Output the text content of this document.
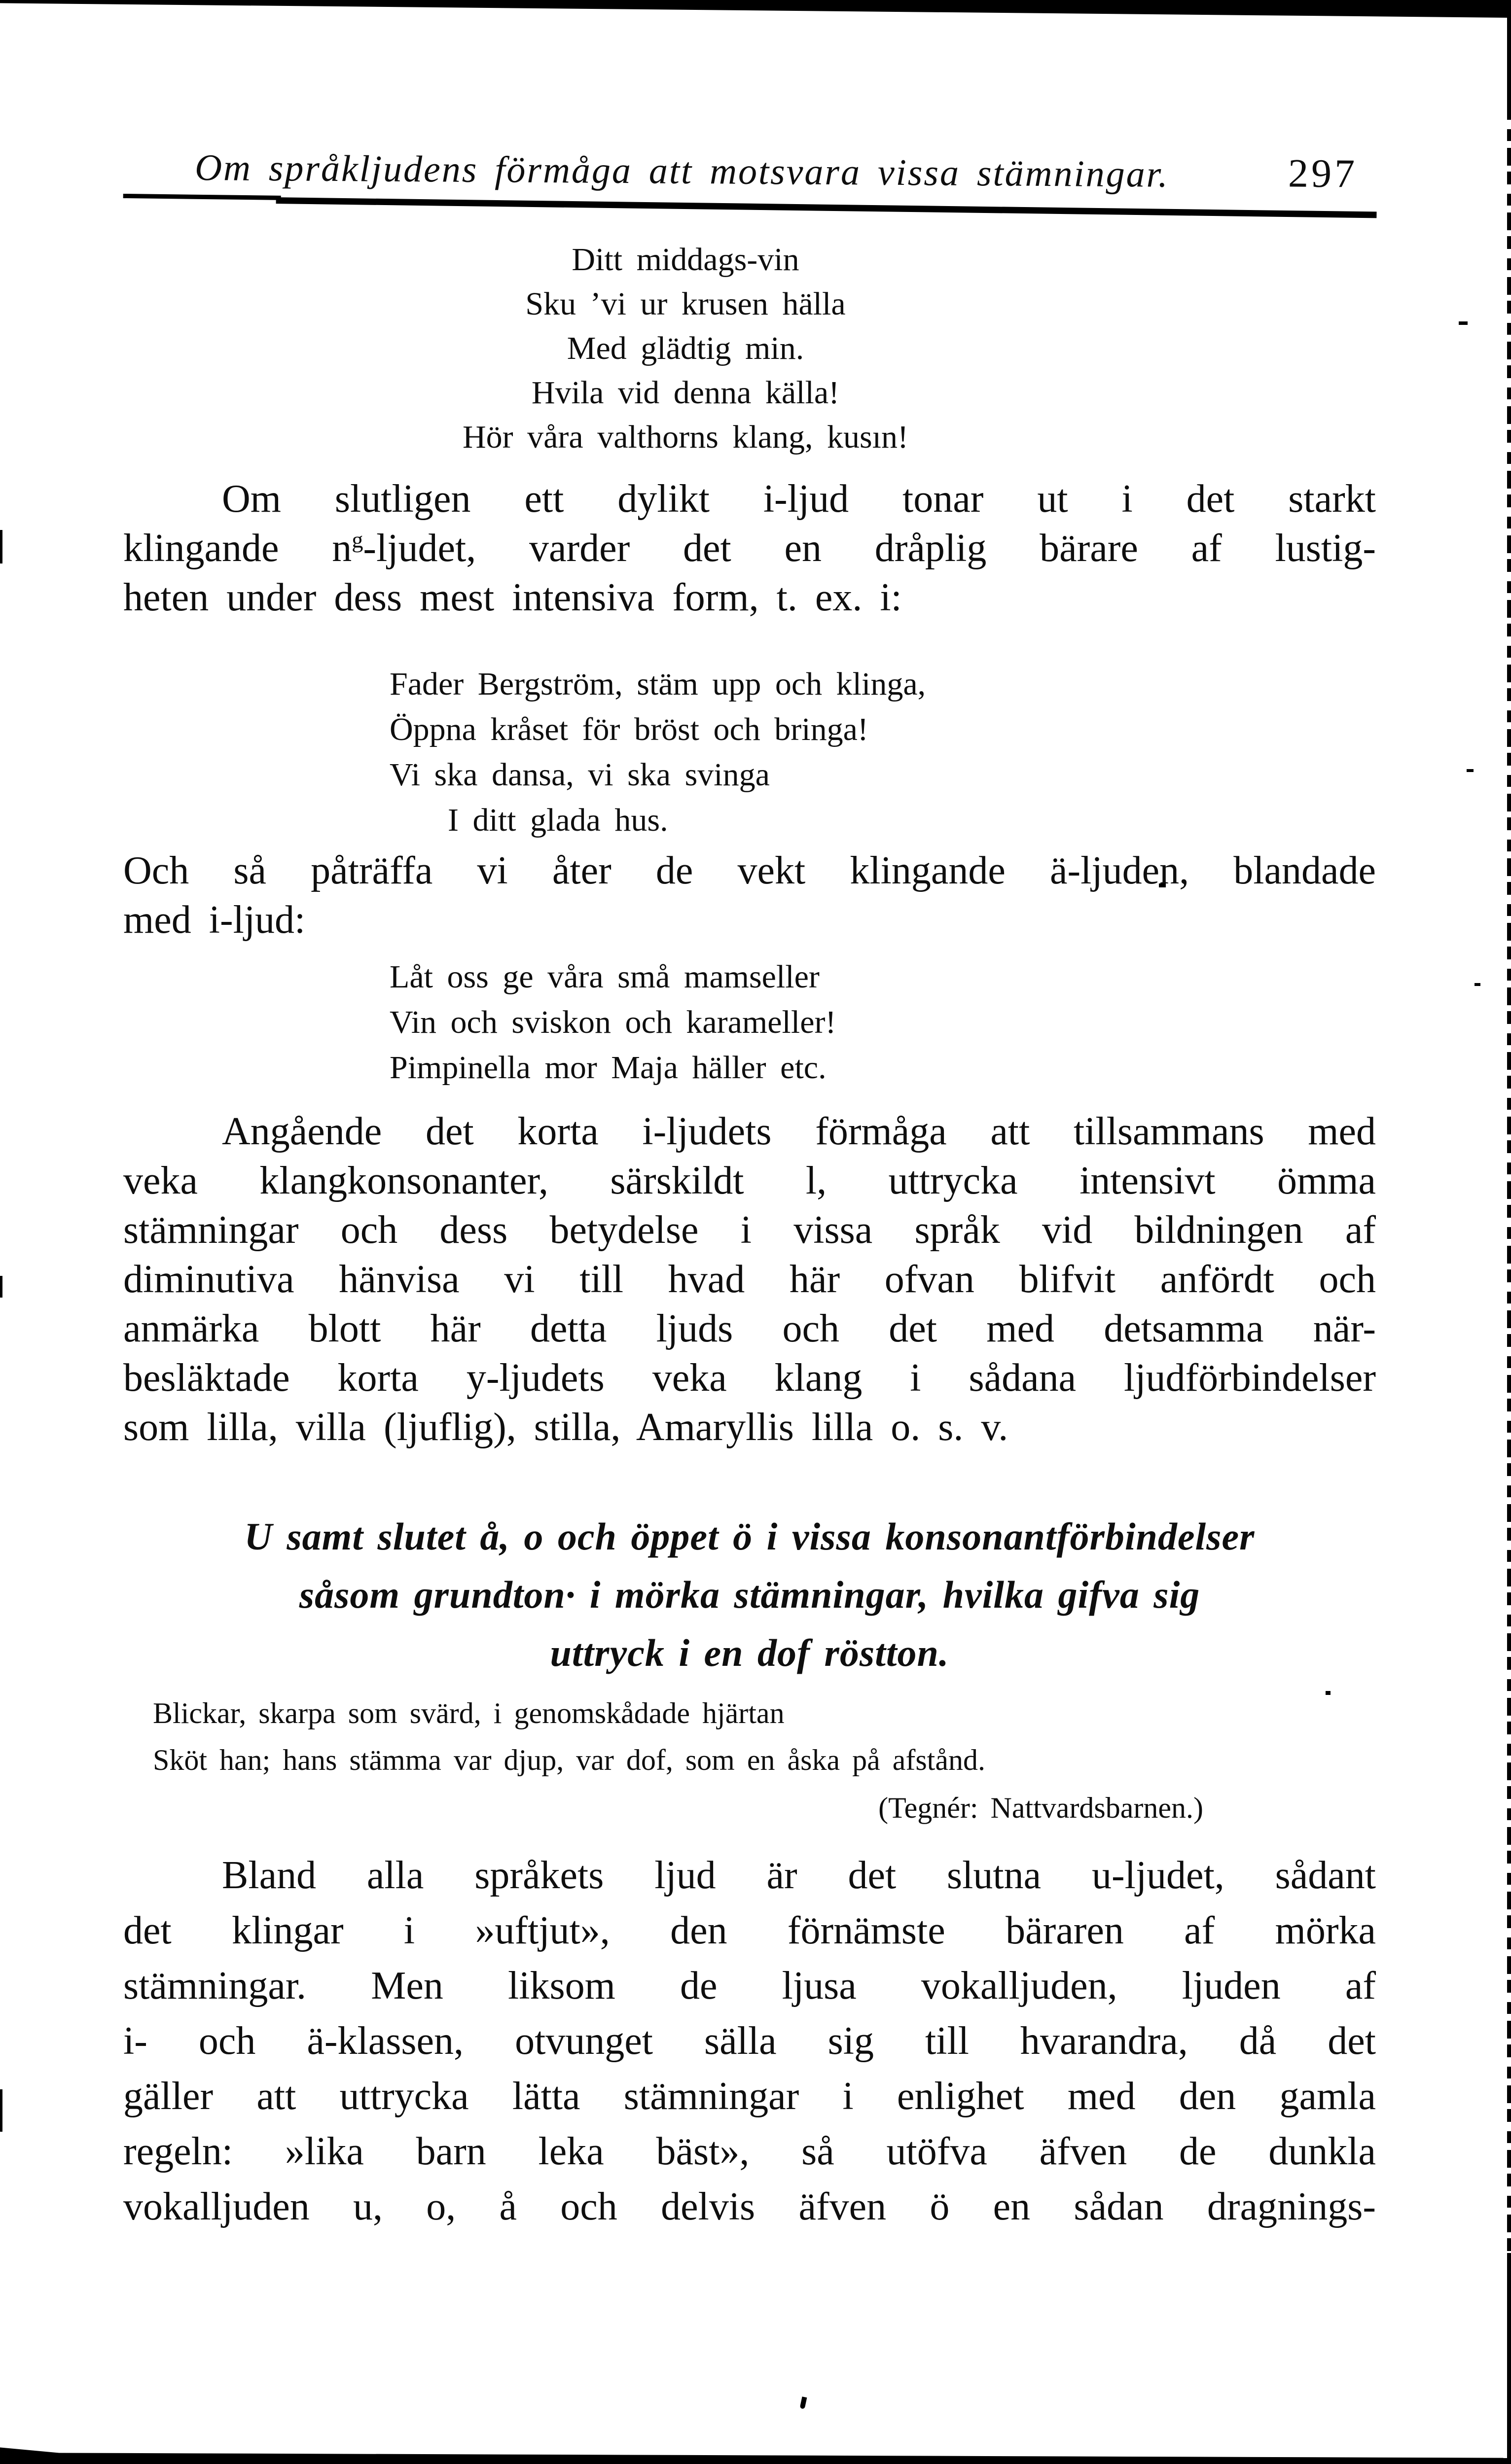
Om språkljudens förmåga att motsvara vissa stämningar.	297
Ditt middags-vin
Sku ’vi ur krusen hälla
Med glädtig min.
Hvila vid denna källa!
Hör våra valthorns klang, kusın!
Om slutligen ett dylikt i-ljud tonar ut i det starkt
klingande $n^g$-ljudet, varder det en dråplig bärare af lustig-
heten under dess mest intensiva form, t. ex. i:
Fader Bergström, stäm upp och klinga,
Öppna kråset för bröst och bringa!
Vi ska dansa, vi ska svinga
I ditt glada hus.
Och så påträffa vi åter de vekt klingande ä-ljuden, blandade
med i-ljud:
Låt oss ge våra små mamseller
Vin och sviskon och karameller!
Pimpinella mor Maja häller etc.
Angående det korta i-ljudets förmåga att tillsammans med
veka klangkonsonanter, särskildt l, uttrycka intensivt ömma
stämningar och dess betydelse i vissa språk vid bildningen af
diminutiva hänvisa vi till hvad här ofvan blifvit anfördt och
anmärka blott här detta ljuds och det med detsamma när-
besläktade korta y-ljudets veka klang i sådana ljudförbindelser
som lilla, villa (ljuflig), stilla, Amaryllis lilla o. s. v.
U samt slutet å, o och öppet ö i vissa konsonantförbindelser
såsom grundton· i mörka stämningar, hvilka gifva sig
uttryck i en dof röstton.
Blickar, skarpa som svärd, i genomskådade hjärtan
Sköt han; hans stämma var djup, var dof, som en åska på afstånd.
(Tegnér: Nattvardsbarnen.)
Bland alla språkets ljud är det slutna u-ljudet, sådant
det klingar i »uftjut», den förnämste bäraren af mörka
stämningar. Men liksom de ljusa vokalljuden, ljuden af
i- och ä-klassen, otvunget sälla sig till hvarandra, då det
gäller att uttrycka lätta stämningar i enlighet med den gamla
regeln: »lika barn leka bäst», så utöfva äfven de dunkla
vokalljuden u, o, å och delvis äfven ö en sådan dragnings-
